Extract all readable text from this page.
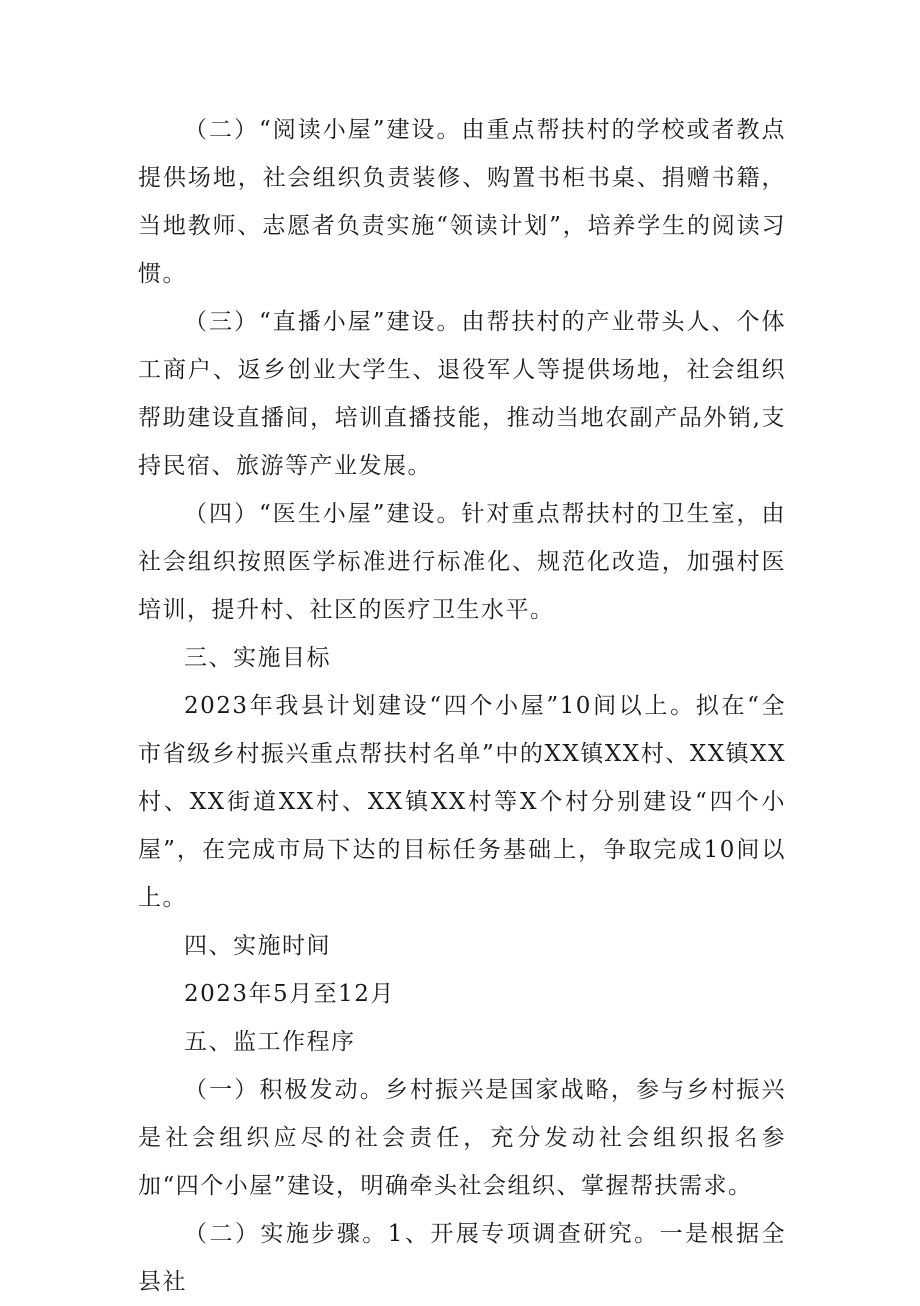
（二）“阅读小屋”建设。由重点帮扶村的学校或者教点提供场地，社会组织负责装修、购置书柜书桌、捐赠书籍，当地教师、志愿者负责实施“领读计划”，培养学生的阅读习惯。

（三）“直播小屋”建设。由帮扶村的产业带头人、个体工商户、返乡创业大学生、退役军人等提供场地，社会组织帮助建设直播间，培训直播技能，推动当地农副产品外销,支持民宿、旅游等产业发展。

（四）“医生小屋”建设。针对重点帮扶村的卫生室，由社会组织按照医学标准进行标准化、规范化改造，加强村医培训，提升村、社区的医疗卫生水平。

三、实施目标

2023年我县计划建设“四个小屋”10间以上。拟在“全市省级乡村振兴重点帮扶村名单”中的XX镇XX村、XX镇XX村、XX街道XX村、XX镇XX村等X个村分别建设“四个小屋”，在完成市局下达的目标任务基础上，争取完成10间以上。

四、实施时间

2023年5月至12月

五、监工作程序

（一）积极发动。乡村振兴是国家战略，参与乡村振兴是社会组织应尽的社会责任，充分发动社会组织报名参加“四个小屋”建设，明确牵头社会组织、掌握帮扶需求。

（二）实施步骤。1、开展专项调查研究。一是根据全县社
